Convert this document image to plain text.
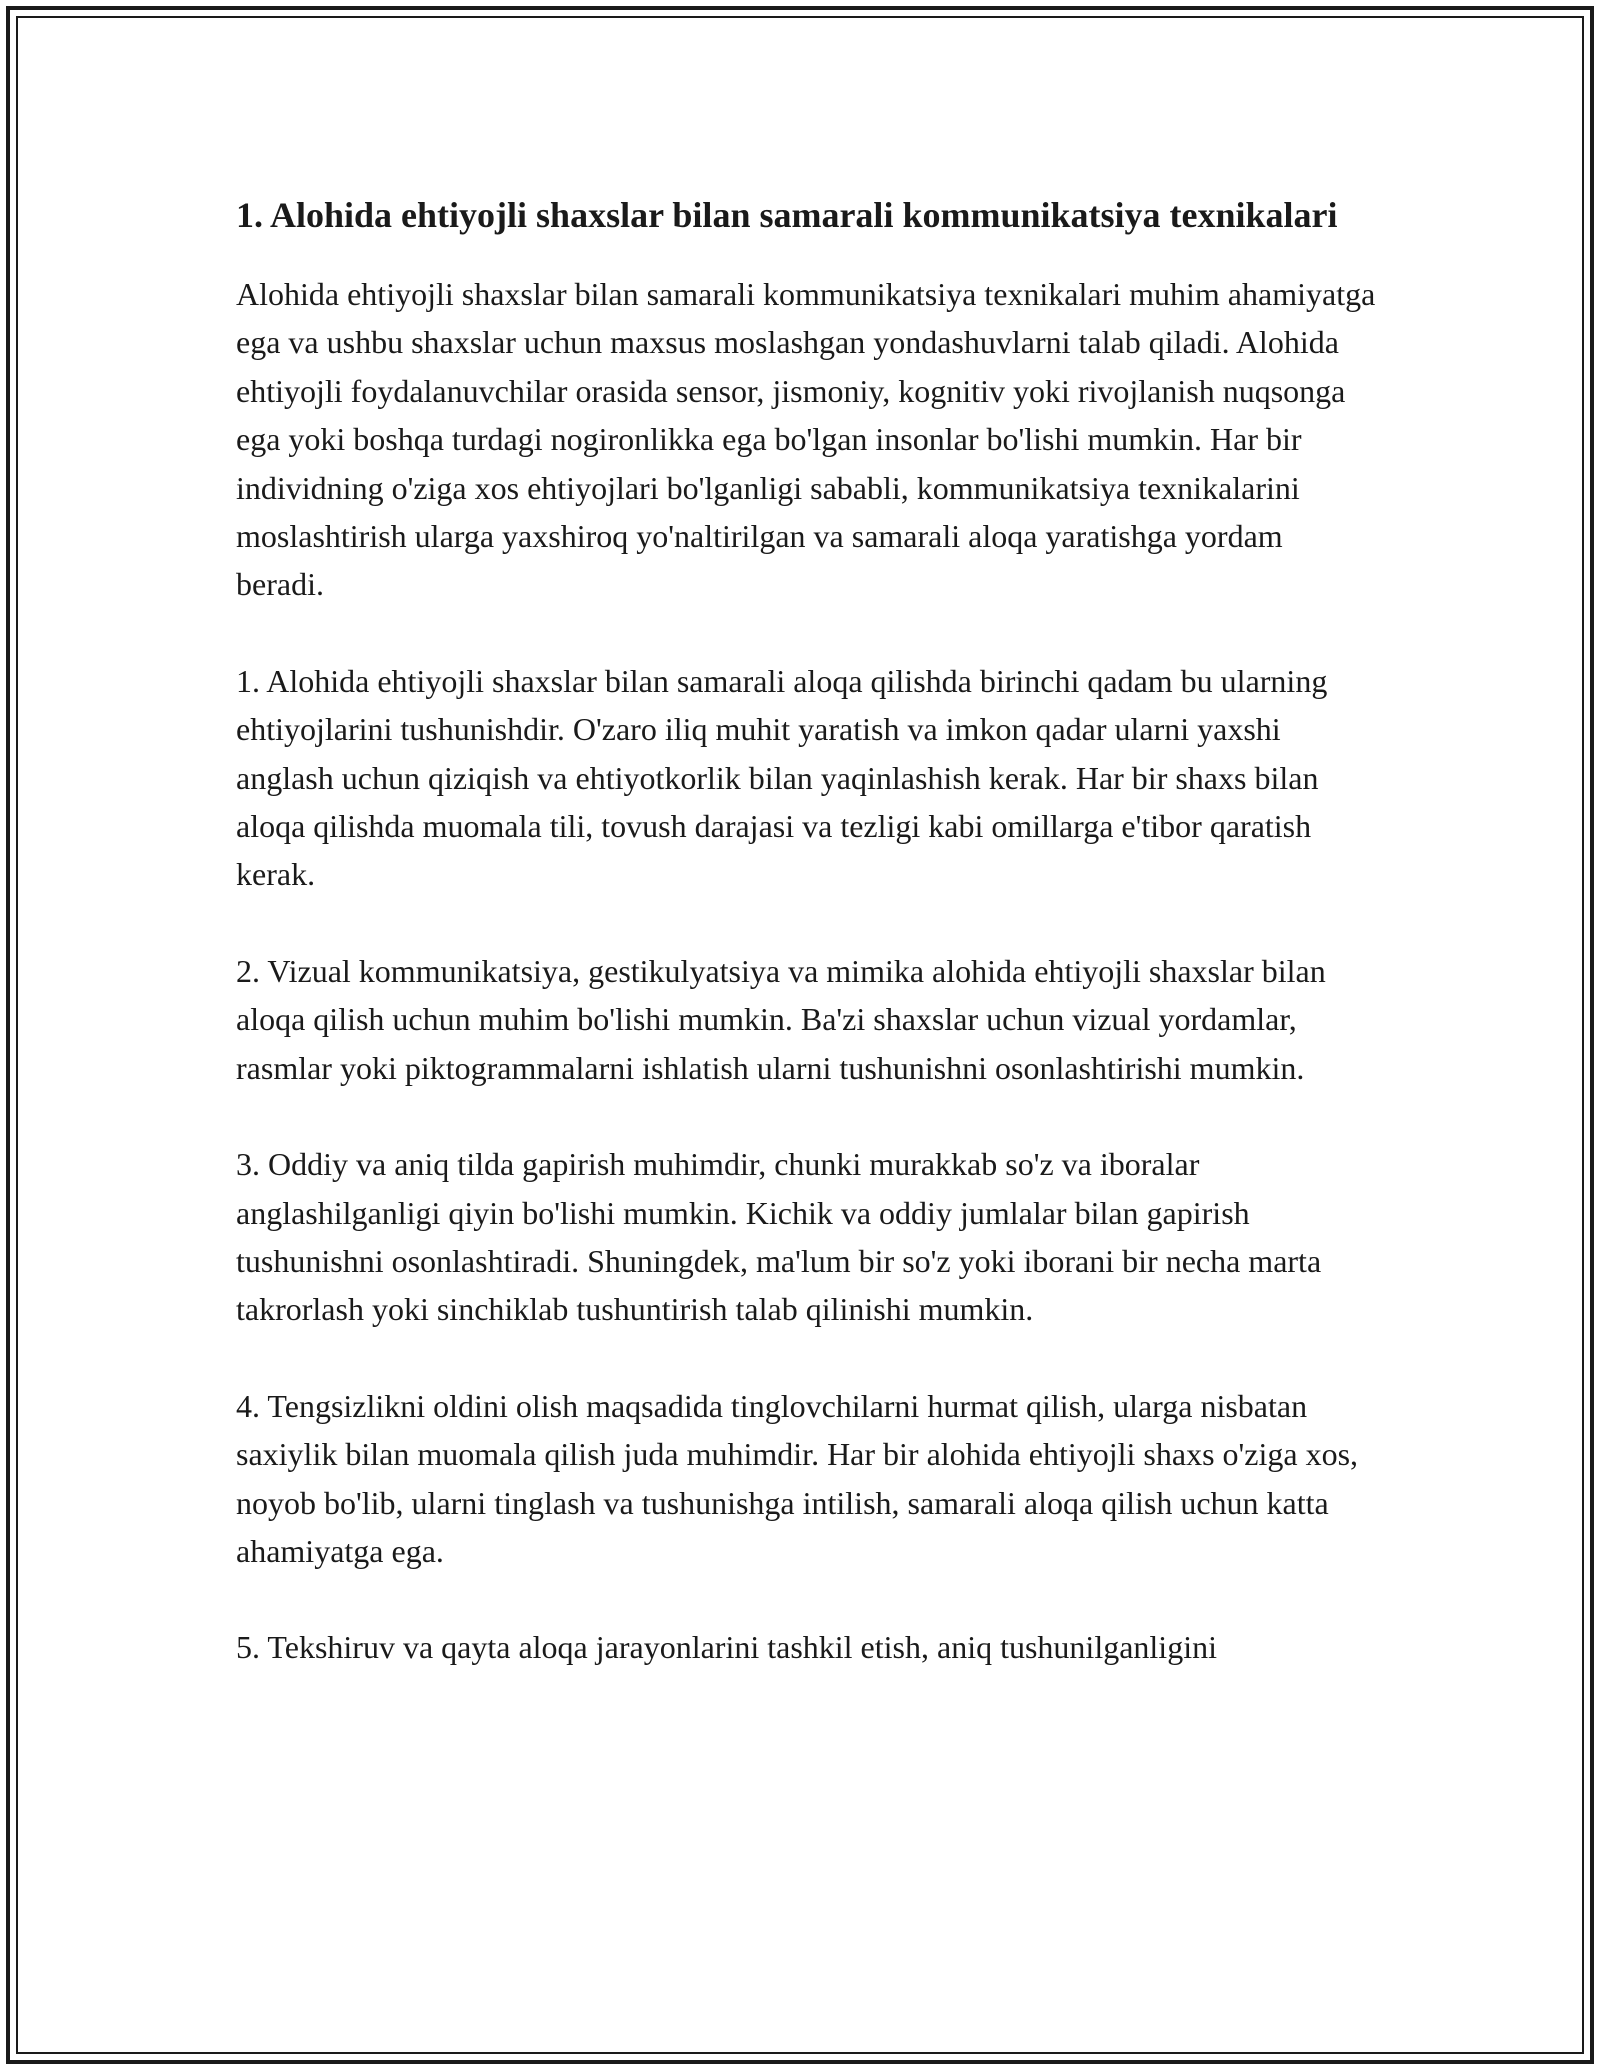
1. Alohida ehtiyojli shaxslar bilan samarali kommunikatsiya texnikalari

Alohida ehtiyojli shaxslar bilan samarali kommunikatsiya texnikalari muhim ahamiyatga ega va ushbu shaxslar uchun maxsus moslashgan yondashuvlarni talab qiladi. Alohida ehtiyojli foydalanuvchilar orasida sensor, jismoniy, kognitiv yoki rivojlanish nuqsonga ega yoki boshqa turdagi nogironlikka ega bo'lgan insonlar bo'lishi mumkin. Har bir individning o'ziga xos ehtiyojlari bo'lganligi sababli, kommunikatsiya texnikalarini moslashtirish ularga yaxshiroq yo'naltirilgan va samarali aloqa yaratishga yordam beradi.

1. Alohida ehtiyojli shaxslar bilan samarali aloqa qilishda birinchi qadam bu ularning ehtiyojlarini tushunishdir. O'zaro iliq muhit yaratish va imkon qadar ularni yaxshi anglash uchun qiziqish va ehtiyotkorlik bilan yaqinlashish kerak. Har bir shaxs bilan aloqa qilishda muomala tili, tovush darajasi va tezligi kabi omillarga e'tibor qaratish kerak.

2. Vizual kommunikatsiya, gestikulyatsiya va mimika alohida ehtiyojli shaxslar bilan aloqa qilish uchun muhim bo'lishi mumkin. Ba'zi shaxslar uchun vizual yordamlar, rasmlar yoki piktogrammalarni ishlatish ularni tushunishni osonlashtirishi mumkin.

3. Oddiy va aniq tilda gapirish muhimdir, chunki murakkab so'z va iboralar anglashilganligi qiyin bo'lishi mumkin. Kichik va oddiy jumlalar bilan gapirish tushunishni osonlashtiradi. Shuningdek, ma'lum bir so'z yoki iborani bir necha marta takrorlash yoki sinchiklab tushuntirish talab qilinishi mumkin.

4. Tengsizlikni oldini olish maqsadida tinglovchilarni hurmat qilish, ularga nisbatan saxiylik bilan muomala qilish juda muhimdir. Har bir alohida ehtiyojli shaxs o'ziga xos, noyob bo'lib, ularni tinglash va tushunishga intilish, samarali aloqa qilish uchun katta ahamiyatga ega.

5. Tekshiruv va qayta aloqa jarayonlarini tashkil etish, aniq tushunilganligini
